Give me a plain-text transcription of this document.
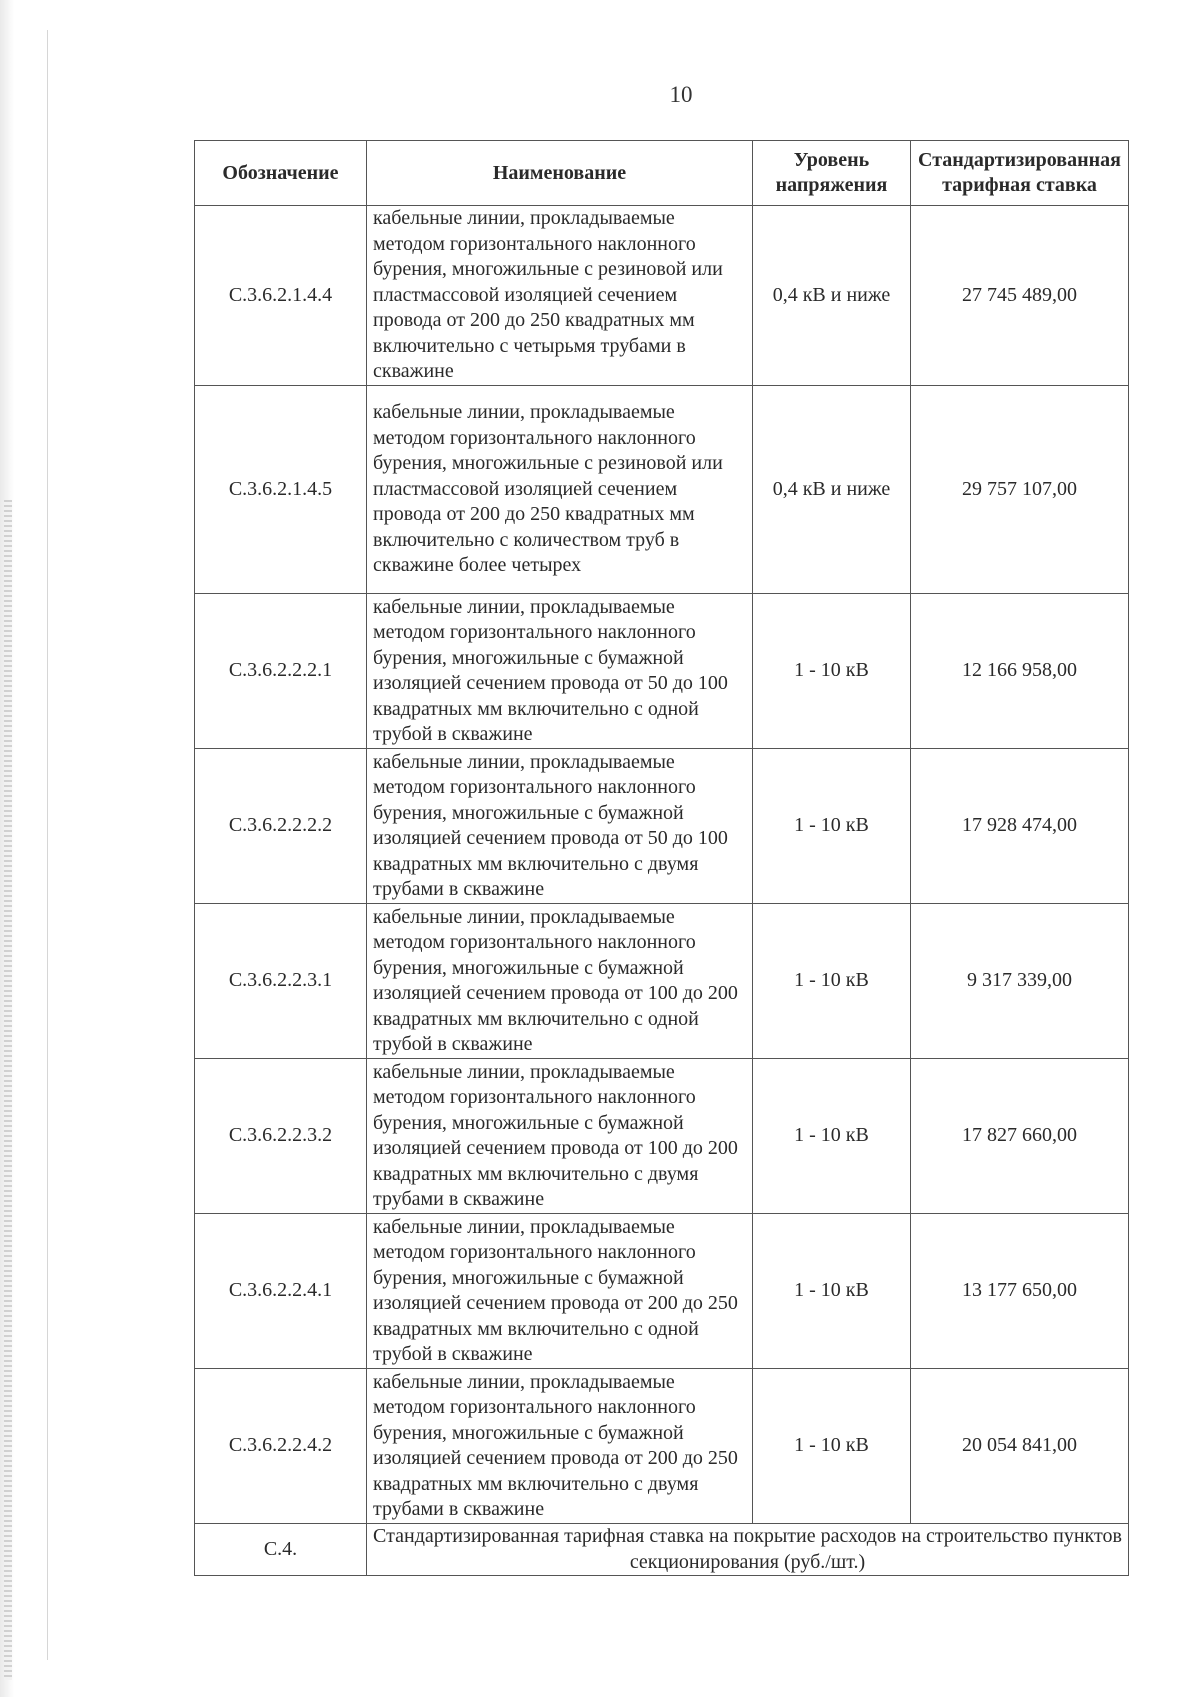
10
Обозначение	Наименование	Уровень напряжения	Стандартизированная тарифная ставка
С.3.6.2.1.4.4	кабельные линии, прокладываемые методом горизонтального наклонного бурения, многожильные с резиновой или пластмассовой изоляцией сечением провода от 200 до 250 квадратных мм включительно с четырьмя трубами в скважине	0,4 кВ и ниже	27 745 489,00
С.3.6.2.1.4.5	кабельные линии, прокладываемые методом горизонтального наклонного бурения, многожильные с резиновой или пластмассовой изоляцией сечением провода от 200 до 250 квадратных мм включительно с количеством труб в скважине более четырех	0,4 кВ и ниже	29 757 107,00
С.3.6.2.2.2.1	кабельные линии, прокладываемые методом горизонтального наклонного бурения, многожильные с бумажной изоляцией сечением провода от 50 до 100 квадратных мм включительно с одной трубой в скважине	1 - 10 кВ	12 166 958,00
С.3.6.2.2.2.2	кабельные линии, прокладываемые методом горизонтального наклонного бурения, многожильные с бумажной изоляцией сечением провода от 50 до 100 квадратных мм включительно с двумя трубами в скважине	1 - 10 кВ	17 928 474,00
С.3.6.2.2.3.1	кабельные линии, прокладываемые методом горизонтального наклонного бурения, многожильные с бумажной изоляцией сечением провода от 100 до 200 квадратных мм включительно с одной трубой в скважине	1 - 10 кВ	9 317 339,00
С.3.6.2.2.3.2	кабельные линии, прокладываемые методом горизонтального наклонного бурения, многожильные с бумажной изоляцией сечением провода от 100 до 200 квадратных мм включительно с двумя трубами в скважине	1 - 10 кВ	17 827 660,00
С.3.6.2.2.4.1	кабельные линии, прокладываемые методом горизонтального наклонного бурения, многожильные с бумажной изоляцией сечением провода от 200 до 250 квадратных мм включительно с одной трубой в скважине	1 - 10 кВ	13 177 650,00
С.3.6.2.2.4.2	кабельные линии, прокладываемые методом горизонтального наклонного бурения, многожильные с бумажной изоляцией сечением провода от 200 до 250 квадратных мм включительно с двумя трубами в скважине	1 - 10 кВ	20 054 841,00
С.4.	Стандартизированная тарифная ставка на покрытие расходов на строительство пунктов секционирования (руб./шт.)		
